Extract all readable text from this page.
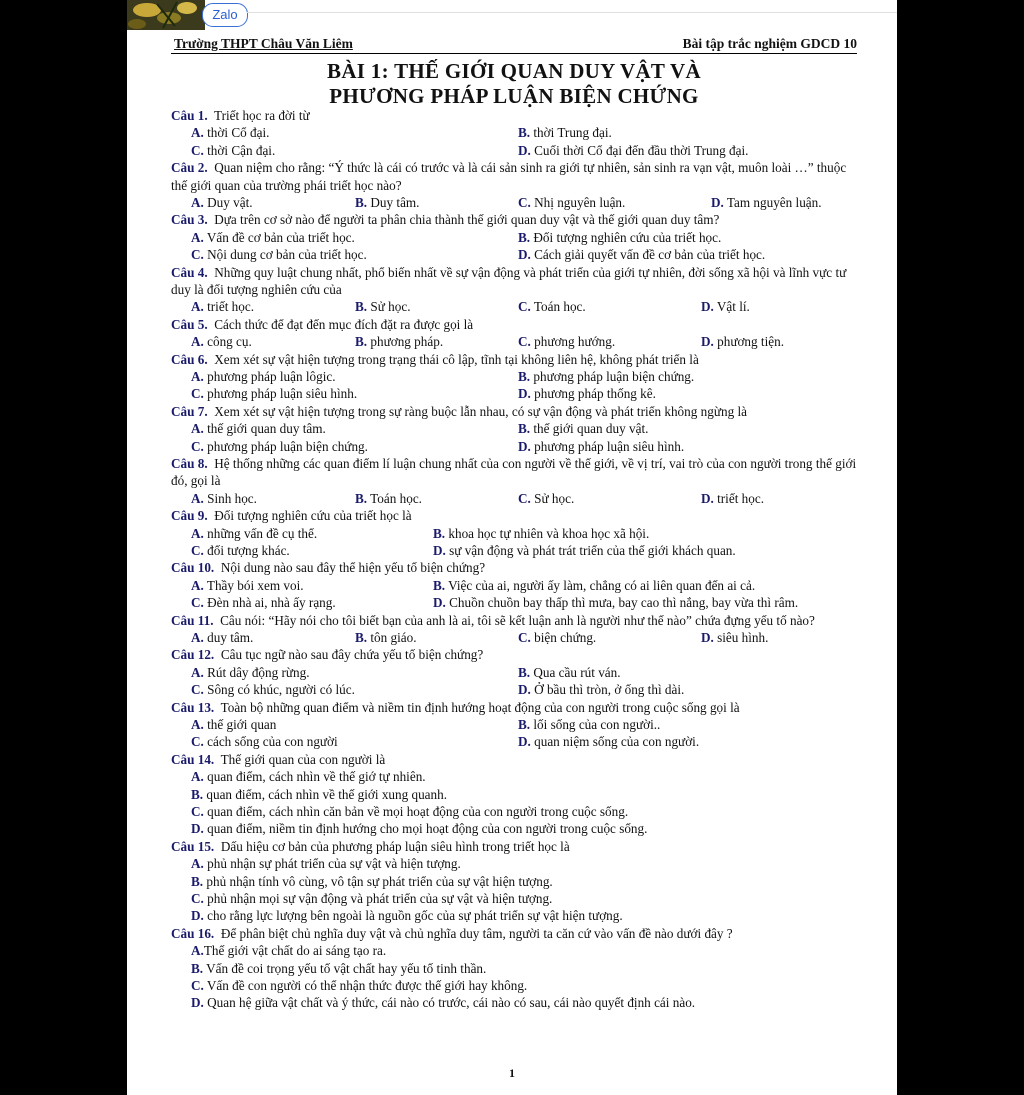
Zalo
Trường THPT Châu Văn Liêm	Bài tập trắc nghiệm GDCD 10
BÀI 1: THẾ GIỚI QUAN DUY VẬT VÀ
PHƯƠNG PHÁP LUẬN BIỆN CHỨNG
Câu 1. Triết học ra đời từ
A. thời Cổ đại.	B. thời Trung đại.
C. thời Cận đại.	D. Cuối thời Cổ đại đến đầu thời Trung đại.
Câu 2. Quan niệm cho rằng: “Ý thức là cái có trước và là cái sản sinh ra giới tự nhiên, sản sinh ra vạn vật, muôn loài …” thuộc thế giới quan của trường phái triết học nào?
A. Duy vật.	B. Duy tâm.	C. Nhị nguyên luận.	D. Tam nguyên luận.
Câu 3. Dựa trên cơ sở nào để người ta phân chia thành thế giới quan duy vật và thế giới quan duy tâm?
A. Vấn đề cơ bản của triết học.	B. Đối tượng nghiên cứu của triết học.
C. Nội dung cơ bản của triết học.	D. Cách giải quyết vấn đề cơ bản của triết học.
Câu 4. Những quy luật chung nhất, phổ biến nhất về sự vận động và phát triển của giới tự nhiên, đời sống xã hội và lĩnh vực tư duy là đối tượng nghiên cứu của
A. triết học.	B. Sử học.	C. Toán học.	D. Vật lí.
Câu 5. Cách thức để đạt đến mục đích đặt ra được gọi là
A. công cụ.	B. phương pháp.	C. phương hướng.	D. phương tiện.
Câu 6. Xem xét sự vật hiện tượng trong trạng thái cô lập, tĩnh tại không liên hệ, không phát triển là
A. phương pháp luận lôgic.	B. phương pháp luận biện chứng.
C. phương pháp luận siêu hình.	D. phương pháp thống kê.
Câu 7. Xem xét sự vật hiện tượng trong sự ràng buộc lẫn nhau, có sự vận động và phát triển không ngừng là
A. thế giới quan duy tâm.	B. thế giới quan duy vật.
C. phương pháp luận biện chứng.	D. phương pháp luận siêu hình.
Câu 8. Hệ thống những các quan điểm lí luận chung nhất của con người về thế giới, về vị trí, vai trò của con người trong thế giới đó, gọi là
A. Sinh học.	B. Toán học.	C. Sử học.	D. triết học.
Câu 9. Đối tượng nghiên cứu của triết học là
A. những vấn đề cụ thể.	B. khoa học tự nhiên và khoa học xã hội.
C. đối tượng khác.	D. sự vận động và phát trát triển của thế giới khách quan.
Câu 10. Nội dung nào sau đây thể hiện yếu tố biện chứng?
A. Thầy bói xem voi.	B. Việc của ai, người ấy làm, chẳng có ai liên quan đến ai cả.
C. Đèn nhà ai, nhà ấy rạng.	D. Chuồn chuồn bay thấp thì mưa, bay cao thì nắng, bay vừa thì râm.
Câu 11. Câu nói: “Hãy nói cho tôi biết bạn của anh là ai, tôi sẽ kết luận anh là người như thế nào” chứa đựng yếu tố nào?
A. duy tâm.	B. tôn giáo.	C. biện chứng.	D. siêu hình.
Câu 12. Câu tục ngữ nào sau đây chứa yếu tố biện chứng?
A. Rút dây động rừng.	B. Qua cầu rút ván.
C. Sông có khúc, người có lúc.	D. Ở bầu thì tròn, ở ống thì dài.
Câu 13. Toàn bộ những quan điểm và niềm tin định hướng hoạt động của con người trong cuộc sống gọi là
A. thế giới quan	B. lối sống của con người..
C. cách sống của con người	D. quan niệm sống của con người.
Câu 14. Thế giới quan của con người là
A. quan điểm, cách nhìn về thế giớ tự nhiên.
B. quan điểm, cách nhìn về thế giới xung quanh.
C. quan điểm, cách nhìn căn bản về mọi hoạt động của con người trong cuộc sống.
D. quan điểm, niềm tin định hướng cho mọi hoạt động của con người trong cuộc sống.
Câu 15. Dấu hiệu cơ bản của phương pháp luận siêu hình trong triết học là
A. phủ nhận sự phát triển của sự vật và hiện tượng.
B. phủ nhận tính vô cùng, vô tận sự phát triển của sự vật hiện tượng.
C. phủ nhận mọi sự vận động và phát triển của sự vật và hiện tượng.
D. cho rằng lực lượng bên ngoài là nguồn gốc của sự phát triển sự vật hiện tượng.
Câu 16. Để phân biệt chủ nghĩa duy vật và chủ nghĩa duy tâm, người ta căn cứ vào vấn đề nào dưới đây ?
A.Thế giới vật chất do ai sáng tạo ra.
B. Vấn đề coi trọng yếu tố vật chất hay yếu tố tinh thần.
C. Vấn đề con người có thể nhận thức được thế giới hay không.
D. Quan hệ giữa vật chất và ý thức, cái nào có trước, cái nào có sau, cái nào quyết định cái nào.
1
